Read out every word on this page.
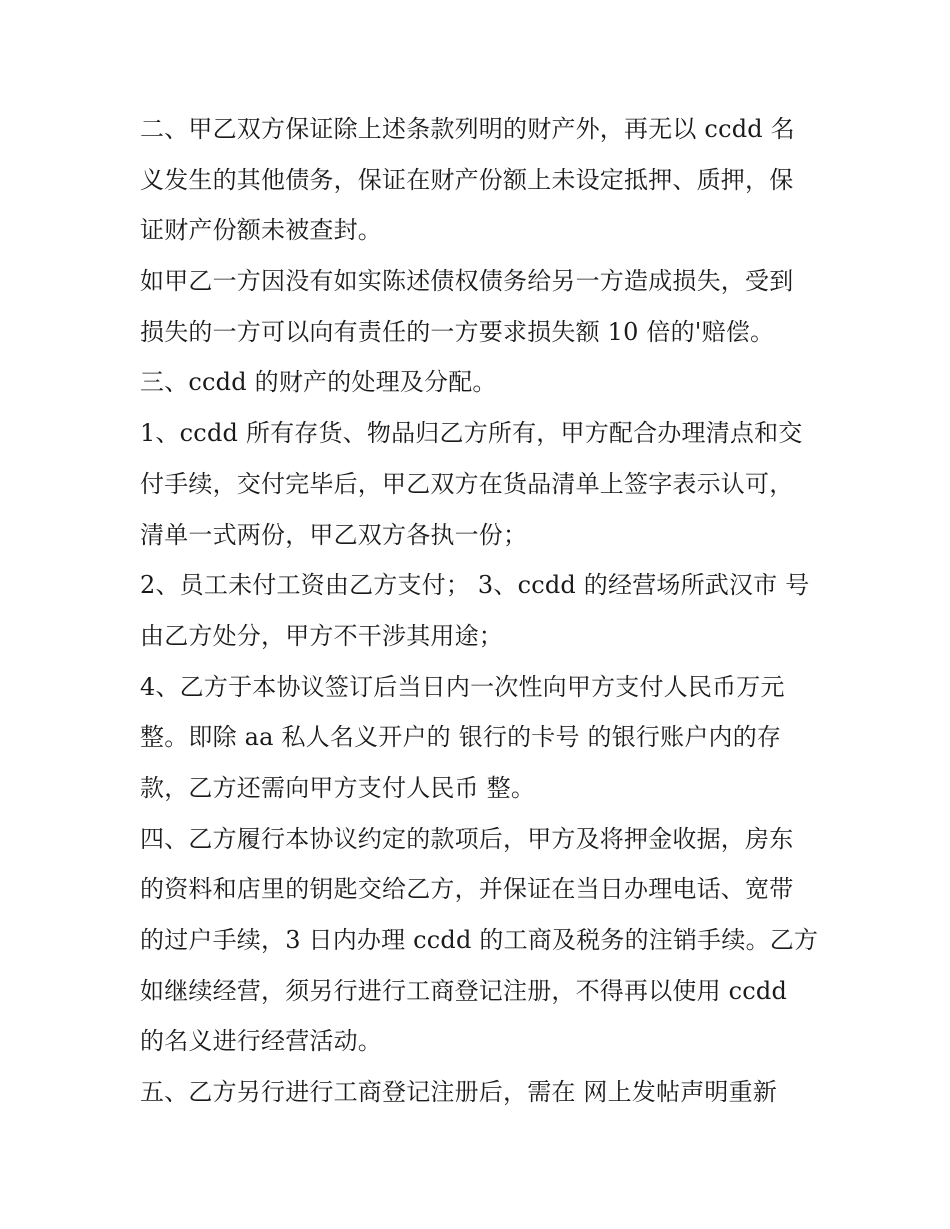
二、甲乙双方保证除上述条款列明的财产外，再无以 ccdd 名
义发生的其他债务，保证在财产份额上未设定抵押、质押，保
证财产份额未被查封。
如甲乙一方因没有如实陈述债权债务给另一方造成损失，受到
损失的一方可以向有责任的一方要求损失额 10 倍的'赔偿。
三、ccdd 的财产的处理及分配。
1、ccdd 所有存货、物品归乙方所有，甲方配合办理清点和交
付手续，交付完毕后，甲乙双方在货品清单上签字表示认可，
清单一式两份，甲乙双方各执一份；
2、员工未付工资由乙方支付； 3、ccdd 的经营场所武汉市 号
由乙方处分，甲方不干涉其用途；
4、乙方于本协议签订后当日内一次性向甲方支付人民币万元
整。即除 aa 私人名义开户的 银行的卡号 的银行账户内的存
款，乙方还需向甲方支付人民币 整。
四、乙方履行本协议约定的款项后，甲方及将押金收据，房东
的资料和店里的钥匙交给乙方，并保证在当日办理电话、宽带
的过户手续，3 日内办理 ccdd 的工商及税务的注销手续。乙方
如继续经营，须另行进行工商登记注册，不得再以使用 ccdd
的名义进行经营活动。
五、乙方另行进行工商登记注册后，需在 网上发帖声明重新
